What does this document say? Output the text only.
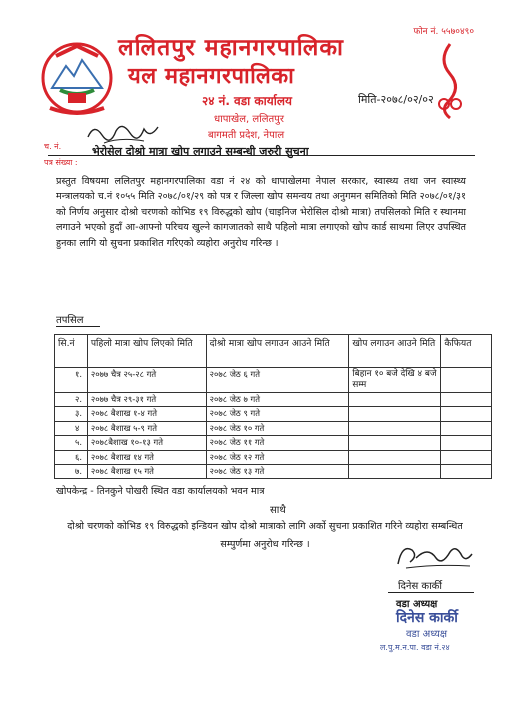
फोन नं. ५५७०४९०
ललितपुर महानगरपालिका
यल महानगरपालिका
२४ नं. वडा कार्यालय	मिति-२०७८/०२/०२
धापाखेल, ललितपुर
बागमती प्रदेश, नेपाल
च. नं.
पत्र संख्या :
भेरोसेल दोश्रो मात्रा खोप लगाउने सम्बन्धी जरुरी सुचना
प्रस्तुत विषयमा ललितपुर महानगरपालिका वडा नं २४ को धापाखेलमा नेपाल सरकार, स्वास्थ्य तथा जन स्वास्थ्य मन्त्रालयको च.नं १०५५ मिति २०७८/०१/२९ को पत्र र जिल्ला खोप समन्वय तथा अनुगमन समितिको मिति २०७८/०१/३१ को निर्णय अनुसार दोश्रो चरणको कोभिड १९ विरुद्धको खोप (चाइनिज भेरोसिल दोश्रो मात्रा) तपसिलको मिति र स्थानमा लगाउने भएको हुदाँ आ-आफ्नो परिचय खुल्ने कागजातको साथै पहिलो मात्रा लगाएको खोप कार्ड साथमा लिएर उपस्थित हुनका लागि यो सुचना प्रकाशित गरिएको व्यहोरा अनुरोध गरिन्छ ।
तपसिल
सि.नं	पहिलो मात्रा खोप लिएको मिति	दोश्रो मात्रा खोप लगाउन आउने मिति	खोप लगाउन आउने मिति	कैफियत
१.	२०७७ चैत्र २५-२८ गते	२०७८ जेठ ६ गते	बिहान १० बजे देखि ४ बजे सम्म	
२.	२०७७ चैत्र २९-३१ गते	२०७८ जेठ ७ गते		
३.	२०७८ बैशाख १-४ गते	२०७८ जेठ ९ गते		
४	२०७८ बैशाख ५-९ गते	२०७८ जेठ १० गते		
५.	२०७८बैशाख १०-१३ गते	२०७८ जेठ ११ गते		
६.	२०७८ बैशाख १४ गते	२०७८ जेठ १२ गते		
७.	२०७८ बैशाख १५ गते	२०७८ जेठ १३ गते		
खोपकेन्द्र - तिनकुने पोखरी स्थित वडा कार्यालयको भवन मात्र
साथै
दोश्रो चरणको कोभिड १९ विरुद्धको इन्डियन खोप दोश्रो मात्राको लागि अर्को सुचना प्रकाशित गरिने व्यहोरा सम्बन्धित सम्पुर्णमा अनुरोध गरिन्छ ।
दिनेस कार्की
वडा अध्यक्ष
दिनेस कार्की
वडा अध्यक्ष
ल.पु.म.न.पा. वडा नं.२४
